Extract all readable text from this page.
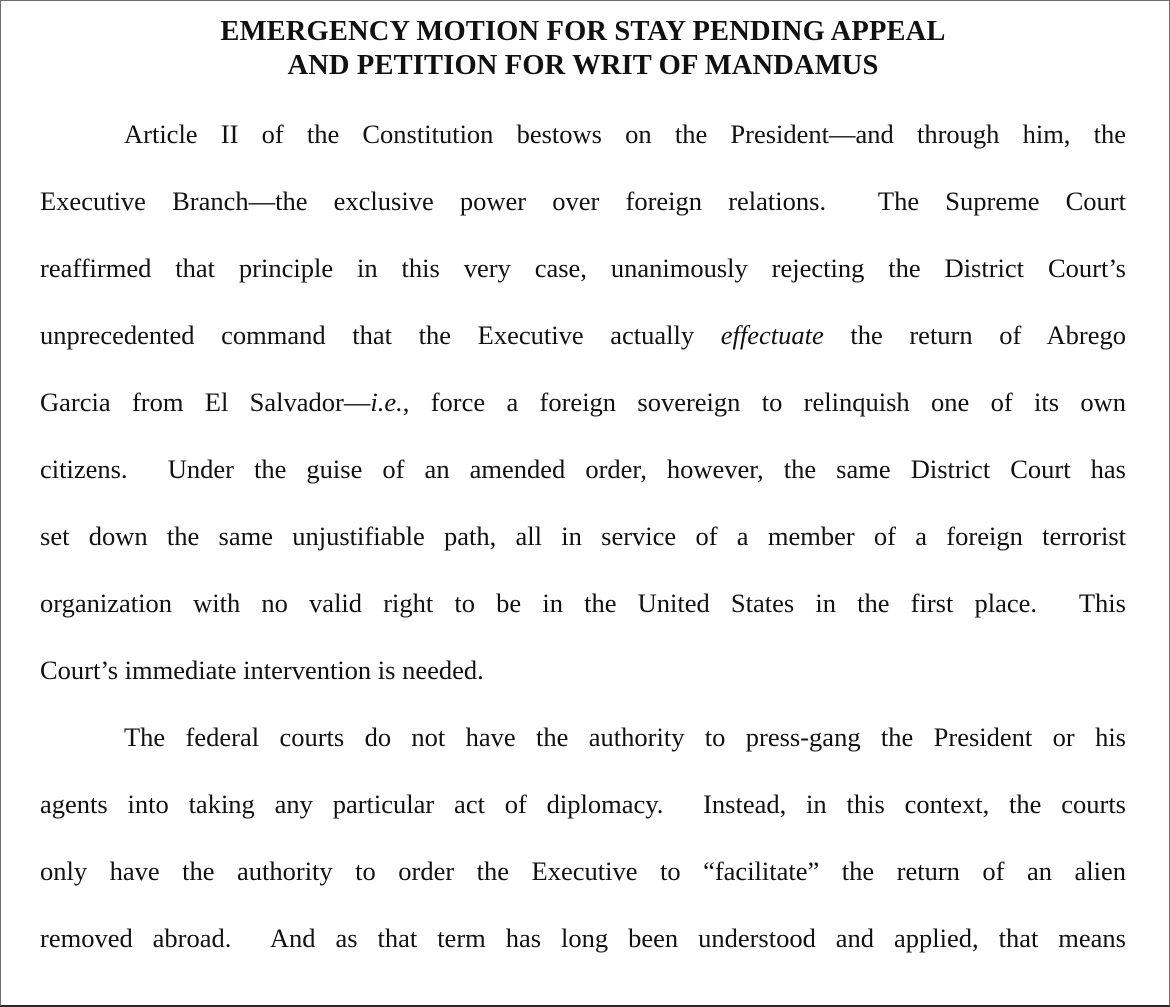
EMERGENCY MOTION FOR STAY PENDING APPEAL
AND PETITION FOR WRIT OF MANDAMUS
Article II of the Constitution bestows on the President—and through him, the
Executive Branch—the exclusive power over foreign relations.  The Supreme Court
reaffirmed that principle in this very case, unanimously rejecting the District Court’s
unprecedented command that the Executive actually effectuate the return of Abrego
Garcia from El Salvador—i.e., force a foreign sovereign to relinquish one of its own
citizens.  Under the guise of an amended order, however, the same District Court has
set down the same unjustifiable path, all in service of a member of a foreign terrorist
organization with no valid right to be in the United States in the first place.  This
Court’s immediate intervention is needed.
The federal courts do not have the authority to press-gang the President or his
agents into taking any particular act of diplomacy.  Instead, in this context, the courts
only have the authority to order the Executive to “facilitate” the return of an alien
removed abroad.  And as that term has long been understood and applied, that means
